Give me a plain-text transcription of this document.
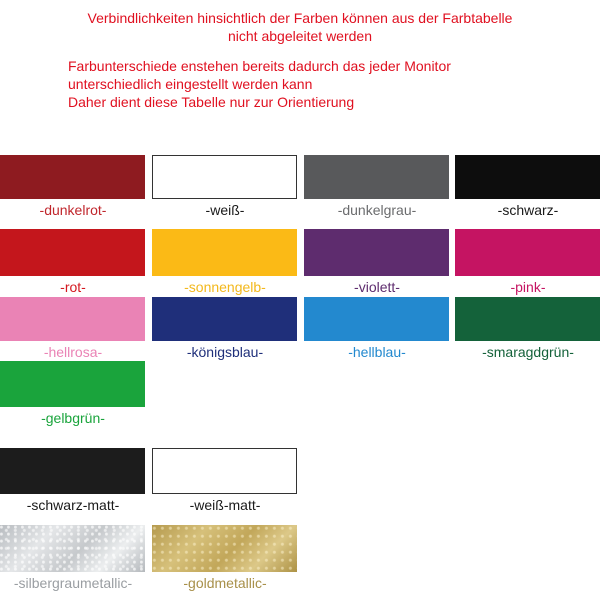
Verbindlichkeiten hinsichtlich der Farben können aus der Farbtabelle
nicht abgeleitet werden
Farbunterschiede enstehen bereits dadurch das jeder Monitor
unterschiedlich eingestellt werden kann
Daher dient diese Tabelle nur zur Orientierung
-dunkelrot-	-weiß-	-dunkelgrau-	-schwarz-
-rot-	-sonnengelb-	-violett-	-pink-
-hellrosa-	-königsblau-	-hellblau-	-smaragdgrün-
-gelbgrün-
-schwarz-matt-	-weiß-matt-
-silbergraumetallic-	-goldmetallic-
